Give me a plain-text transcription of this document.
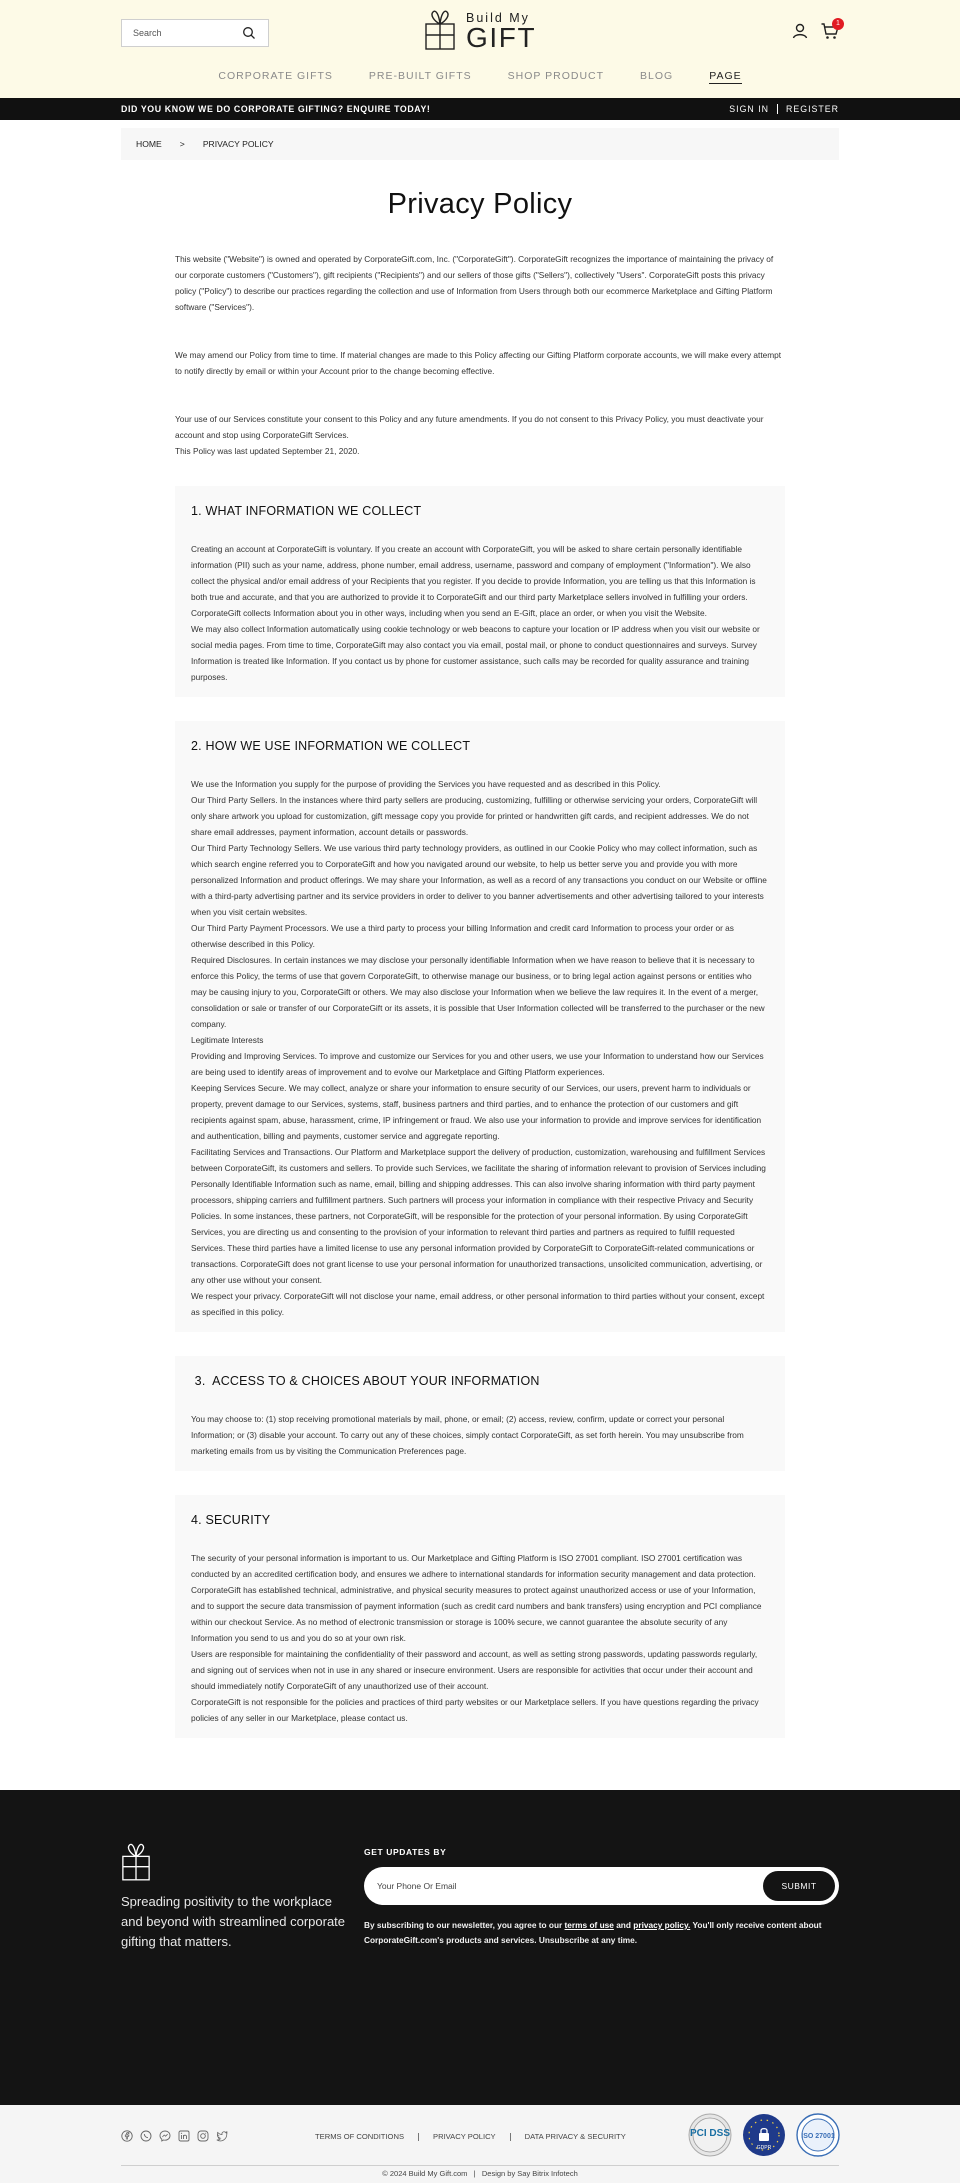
Search
Build My
GIFT	1
CORPORATE GIFTS	PRE-BUILT GIFTS	SHOP PRODUCT	BLOG	PAGE
DID YOU KNOW WE DO CORPORATE GIFTING? ENQUIRE TODAY!	SIGN IN REGISTER
HOME > PRIVACY POLICY
Privacy Policy

This website ("Website") is owned and operated by CorporateGift.com, Inc. ("CorporateGift"). CorporateGift recognizes the importance of maintaining the privacy of our corporate customers ("Customers"), gift recipients ("Recipients") and our sellers of those gifts ("Sellers"), collectively "Users". CorporateGift posts this privacy policy ("Policy") to describe our practices regarding the collection and use of Information from Users through both our ecommerce Marketplace and Gifting Platform software ("Services").

We may amend our Policy from time to time. If material changes are made to this Policy affecting our Gifting Platform corporate accounts, we will make every attempt to notify directly by email or within your Account prior to the change becoming effective.

Your use of our Services constitute your consent to this Policy and any future amendments. If you do not consent to this Privacy Policy, you must deactivate your account and stop using CorporateGift Services.

This Policy was last updated September 21, 2020.

1. WHAT INFORMATION WE COLLECT

Creating an account at CorporateGift is voluntary. If you create an account with CorporateGift, you will be asked to share certain personally identifiable information (PII) such as your name, address, phone number, email address, username, password and company of employment ("Information"). We also collect the physical and/or email address of your Recipients that you register. If you decide to provide Information, you are telling us that this Information is both true and accurate, and that you are authorized to provide it to CorporateGift and our third party Marketplace sellers involved in fulfilling your orders.

CorporateGift collects Information about you in other ways, including when you send an E-Gift, place an order, or when you visit the Website.

We may also collect Information automatically using cookie technology or web beacons to capture your location or IP address when you visit our website or social media pages. From time to time, CorporateGift may also contact you via email, postal mail, or phone to conduct questionnaires and surveys. Survey Information is treated like Information. If you contact us by phone for customer assistance, such calls may be recorded for quality assurance and training purposes.

2. HOW WE USE INFORMATION WE COLLECT

We use the Information you supply for the purpose of providing the Services you have requested and as described in this Policy.

Our Third Party Sellers. In the instances where third party sellers are producing, customizing, fulfilling or otherwise servicing your orders, CorporateGift will only share artwork you upload for customization, gift message copy you provide for printed or handwritten gift cards, and recipient addresses. We do not share email addresses, payment information, account details or passwords.

Our Third Party Technology Sellers. We use various third party technology providers, as outlined in our Cookie Policy who may collect information, such as which search engine referred you to CorporateGift and how you navigated around our website, to help us better serve you and provide you with more personalized Information and product offerings. We may share your Information, as well as a record of any transactions you conduct on our Website or offline with a third-party advertising partner and its service providers in order to deliver to you banner advertisements and other advertising tailored to your interests when you visit certain websites.

Our Third Party Payment Processors. We use a third party to process your billing Information and credit card Information to process your order or as otherwise described in this Policy.

Required Disclosures. In certain instances we may disclose your personally identifiable Information when we have reason to believe that it is necessary to enforce this Policy, the terms of use that govern CorporateGift, to otherwise manage our business, or to bring legal action against persons or entities who may be causing injury to you, CorporateGift or others. We may also disclose your Information when we believe the law requires it. In the event of a merger, consolidation or sale or transfer of our CorporateGift or its assets, it is possible that User Information collected will be transferred to the purchaser or the new company.

Legitimate Interests

Providing and Improving Services. To improve and customize our Services for you and other users, we use your Information to understand how our Services are being used to identify areas of improvement and to evolve our Marketplace and Gifting Platform experiences.

Keeping Services Secure. We may collect, analyze or share your information to ensure security of our Services, our users, prevent harm to individuals or property, prevent damage to our Services, systems, staff, business partners and third parties, and to enhance the protection of our customers and gift recipients against spam, abuse, harassment, crime, IP infringement or fraud. We also use your information to provide and improve services for identification and authentication, billing and payments, customer service and aggregate reporting.

Facilitating Services and Transactions. Our Platform and Marketplace support the delivery of production, customization, warehousing and fulfillment Services between CorporateGift, its customers and sellers. To provide such Services, we facilitate the sharing of information relevant to provision of Services including Personally Identifiable Information such as name, email, billing and shipping addresses. This can also involve sharing information with third party payment processors, shipping carriers and fulfillment partners. Such partners will process your information in compliance with their respective Privacy and Security Policies. In some instances, these partners, not CorporateGift, will be responsible for the protection of your personal information. By using CorporateGift Services, you are directing us and consenting to the provision of your information to relevant third parties and partners as required to fulfill requested Services. These third parties have a limited license to use any personal information provided by CorporateGift to CorporateGift-related communications or transactions. CorporateGift does not grant license to use your personal information for unauthorized transactions, unsolicited communication, advertising, or any other use without your consent.

We respect your privacy. CorporateGift will not disclose your name, email address, or other personal information to third parties without your consent, except as specified in this policy.

3.  ACCESS TO & CHOICES ABOUT YOUR INFORMATION

You may choose to: (1) stop receiving promotional materials by mail, phone, or email; (2) access, review, confirm, update or correct your personal Information; or (3) disable your account. To carry out any of these choices, simply contact CorporateGift, as set forth herein. You may unsubscribe from marketing emails from us by visiting the Communication Preferences page.

4. SECURITY

The security of your personal information is important to us. Our Marketplace and Gifting Platform is ISO 27001 compliant. ISO 27001 certification was conducted by an accredited certification body, and ensures we adhere to international standards for information security management and data protection.

CorporateGift has established technical, administrative, and physical security measures to protect against unauthorized access or use of your Information, and to support the secure data transmission of payment information (such as credit card numbers and bank transfers) using encryption and PCI compliance within our checkout Service. As no method of electronic transmission or storage is 100% secure, we cannot guarantee the absolute security of any Information you send to us and you do so at your own risk.

Users are responsible for maintaining the confidentiality of their password and account, as well as setting strong passwords, updating passwords regularly, and signing out of services when not in use in any shared or insecure environment. Users are responsible for activities that occur under their account and should immediately notify CorporateGift of any unauthorized use of their account.

CorporateGift is not responsible for the policies and practices of third party websites or our Marketplace sellers. If you have questions regarding the privacy policies of any seller in our Marketplace, please contact us.

Spreading positivity to the workplace and beyond with streamlined corporate gifting that matters.

GET UPDATES BY
Your Phone Or Email
SUBMIT

By subscribing to our newsletter, you agree to our terms of use and privacy policy. You'll only receive content about CorporateGift.com's products and services. Unsubscribe at any time.

TERMS OF CONDITIONS	PRIVACY POLICY	DATA PRIVACY & SECURITY	PCI DSS
GDPR
ISO 27001
© 2024 Build My Gift.com   |   Design by Say Bitrix Infotech
